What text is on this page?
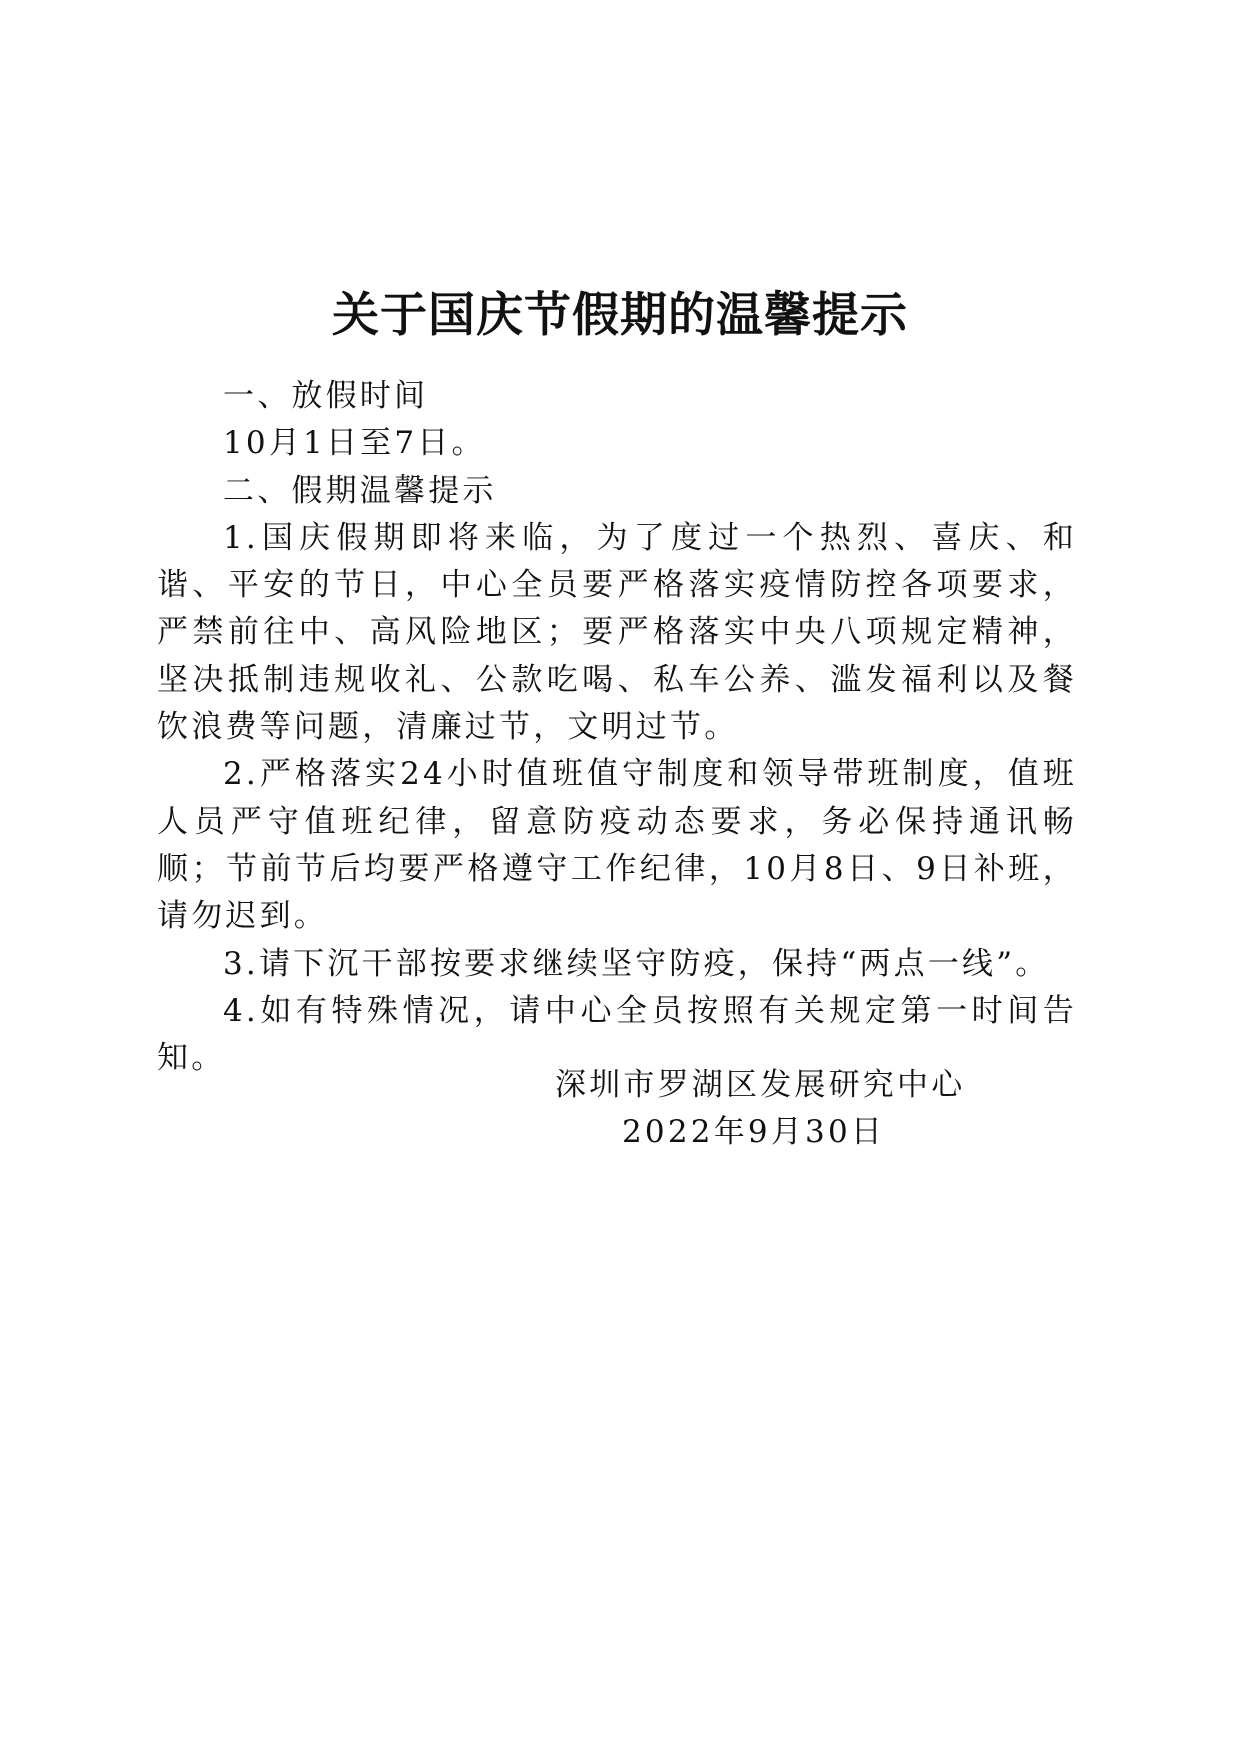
关于国庆节假期的温馨提示

一、放假时间

10月1日至7日。

二、假期温馨提示

1.国庆假期即将来临，为了度过一个热烈、喜庆、和谐、平安的节日，中心全员要严格落实疫情防控各项要求，严禁前往中、高风险地区；要严格落实中央八项规定精神，坚决抵制违规收礼、公款吃喝、私车公养、滥发福利以及餐饮浪费等问题，清廉过节，文明过节。

2.严格落实24小时值班值守制度和领导带班制度，值班人员严守值班纪律，留意防疫动态要求，务必保持通讯畅顺；节前节后均要严格遵守工作纪律，10月8日、9日补班，请勿迟到。

3.请下沉干部按要求继续坚守防疫，保持“两点一线”。

4.如有特殊情况，请中心全员按照有关规定第一时间告知。

深圳市罗湖区发展研究中心
2022年9月30日
